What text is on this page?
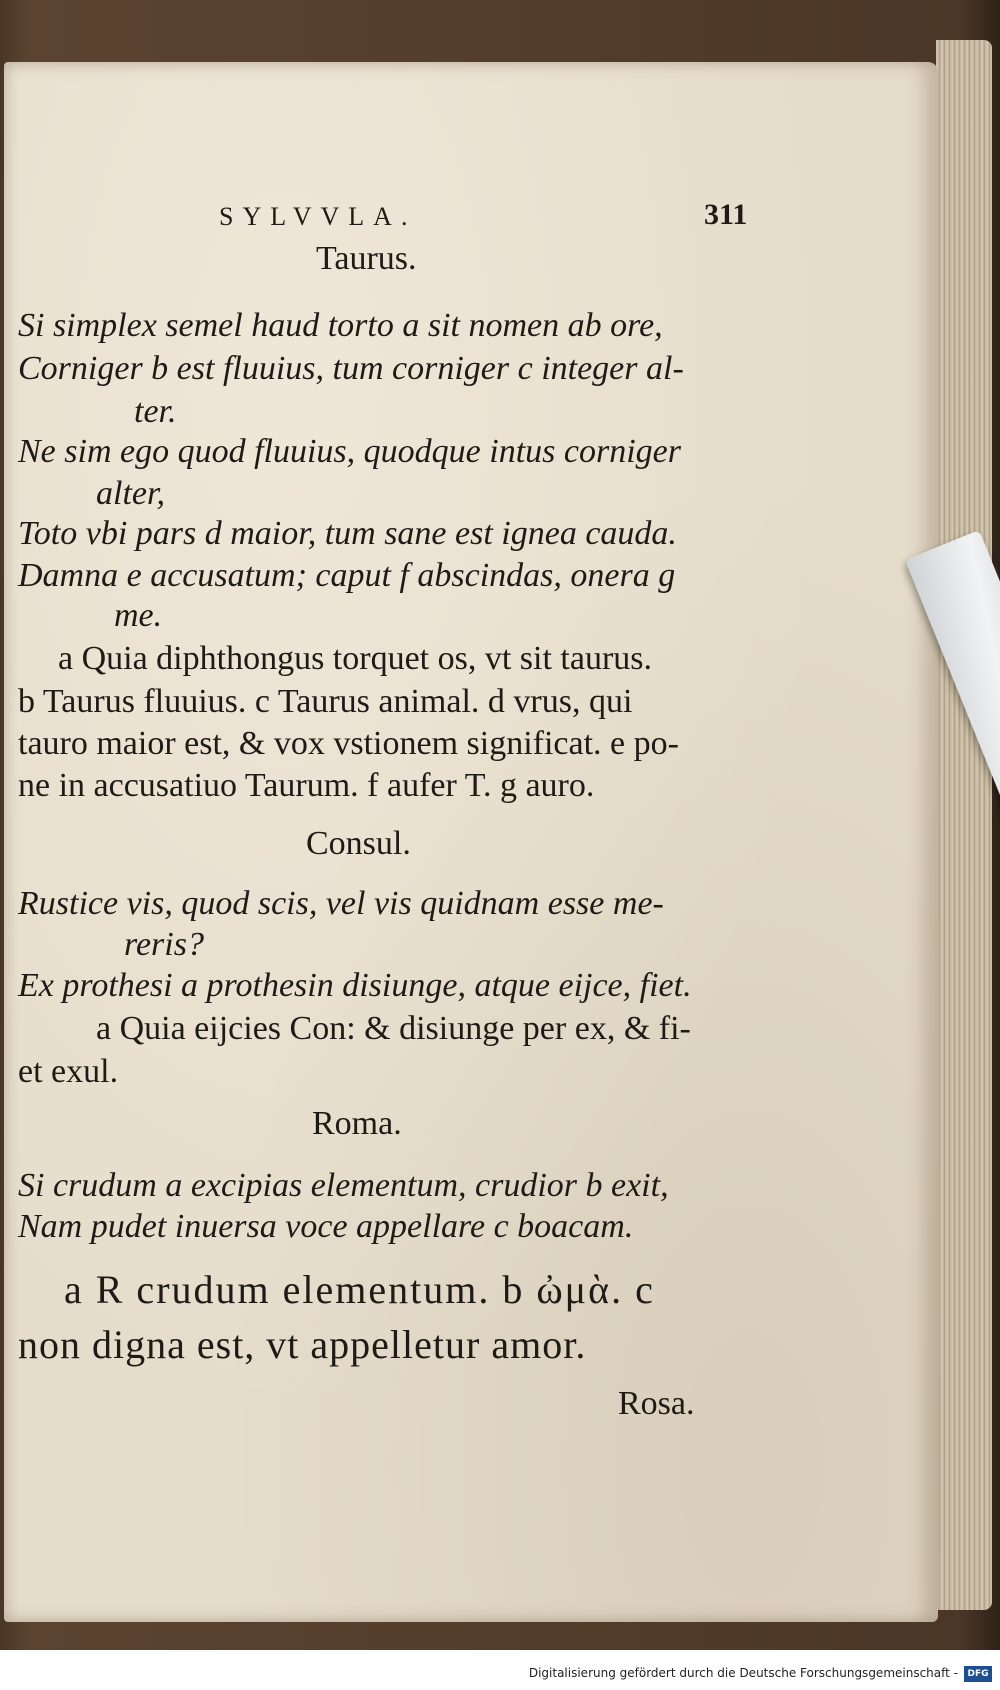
SYLVVLA.	311
Taurus.

Si simplex semel haud torto a sit nomen ab ore,

Corniger b est fluuius, tum corniger c integer al-

ter.

Ne sim ego quod fluuius, quodque intus corniger

alter,

Toto vbi pars d maior, tum sane est ignea cauda.

Damna e accusatum; caput f abscindas, onera g

me.

a Quia diphthongus torquet os, vt sit taurus.

b Taurus fluuius. c Taurus animal. d vrus, qui

tauro maior est, & vox vstionem significat. e po-

ne in accusatiuo Taurum. f aufer T. g auro.

Consul.

Rustice vis, quod scis, vel vis quidnam esse me-

reris?

Ex prothesi a prothesin disiunge, atque eijce, fiet.

a Quia eijcies Con: & disiunge per ex, & fi-

et exul.

Roma.

Si crudum a excipias elementum, crudior b exit,

Nam pudet inuersa voce appellare c boacam.

a R crudum elementum. b ὠμὰ. c

non digna est, vt appelletur amor.

Rosa.

Digitalisierung gefördert durch die Deutsche Forschungsgemeinschaft -	DFG
